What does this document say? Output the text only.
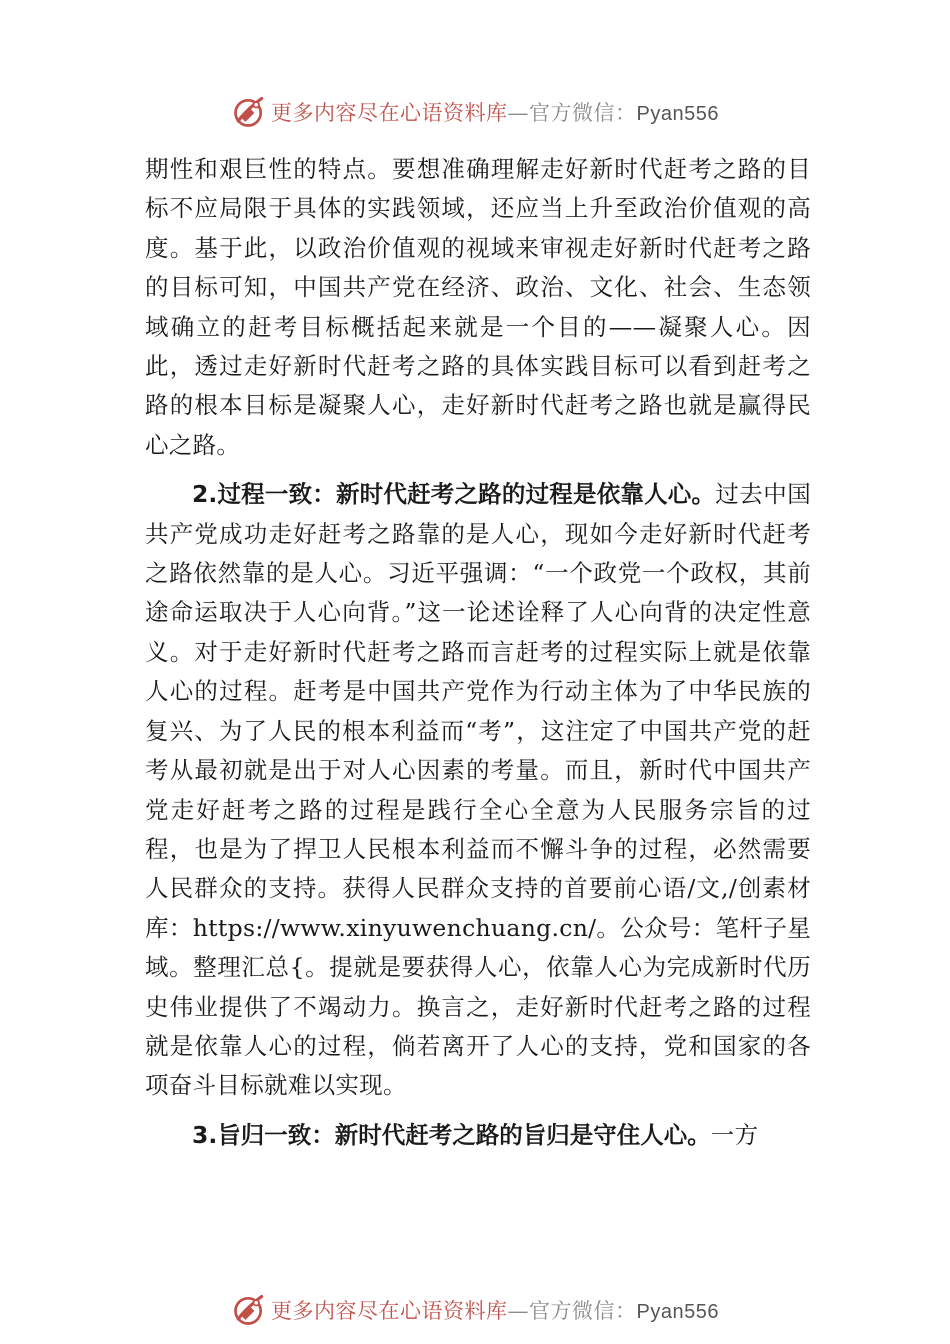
更多内容尽在心语资料库—官方微信：Pyan556

期性和艰巨性的特点。要想准确理解走好新时代赶考之路的目标不应局限于具体的实践领域，还应当上升至政治价值观的高度。基于此，以政治价值观的视域来审视走好新时代赶考之路的目标可知，中国共产党在经济、政治、文化、社会、生态领域确立的赶考目标概括起来就是一个目的——凝聚人心。因此，透过走好新时代赶考之路的具体实践目标可以看到赶考之路的根本目标是凝聚人心，走好新时代赶考之路也就是赢得民心之路。

2.过程一致：新时代赶考之路的过程是依靠人心。过去中国共产党成功走好赶考之路靠的是人心，现如今走好新时代赶考之路依然靠的是人心。习近平强调：“一个政党一个政权，其前途命运取决于人心向背。”这一论述诠释了人心向背的决定性意义。对于走好新时代赶考之路而言赶考的过程实际上就是依靠人心的过程。赶考是中国共产党作为行动主体为了中华民族的复兴、为了人民的根本利益而“考”，这注定了中国共产党的赶考从最初就是出于对人心因素的考量。而且，新时代中国共产党走好赶考之路的过程是践行全心全意为人民服务宗旨的过程，也是为了捍卫人民根本利益而不懈斗争的过程，必然需要人民群众的支持。获得人民群众支持的首要前心语/文,/创素材库：https://www.xinyuwenchuang.cn/。公众号：笔杆子星域。整理汇总{。提就是要获得人心，依靠人心为完成新时代历史伟业提供了不竭动力。换言之，走好新时代赶考之路的过程就是依靠人心的过程，倘若离开了人心的支持，党和国家的各项奋斗目标就难以实现。

3.旨归一致：新时代赶考之路的旨归是守住人心。一方

更多内容尽在心语资料库—官方微信：Pyan556
